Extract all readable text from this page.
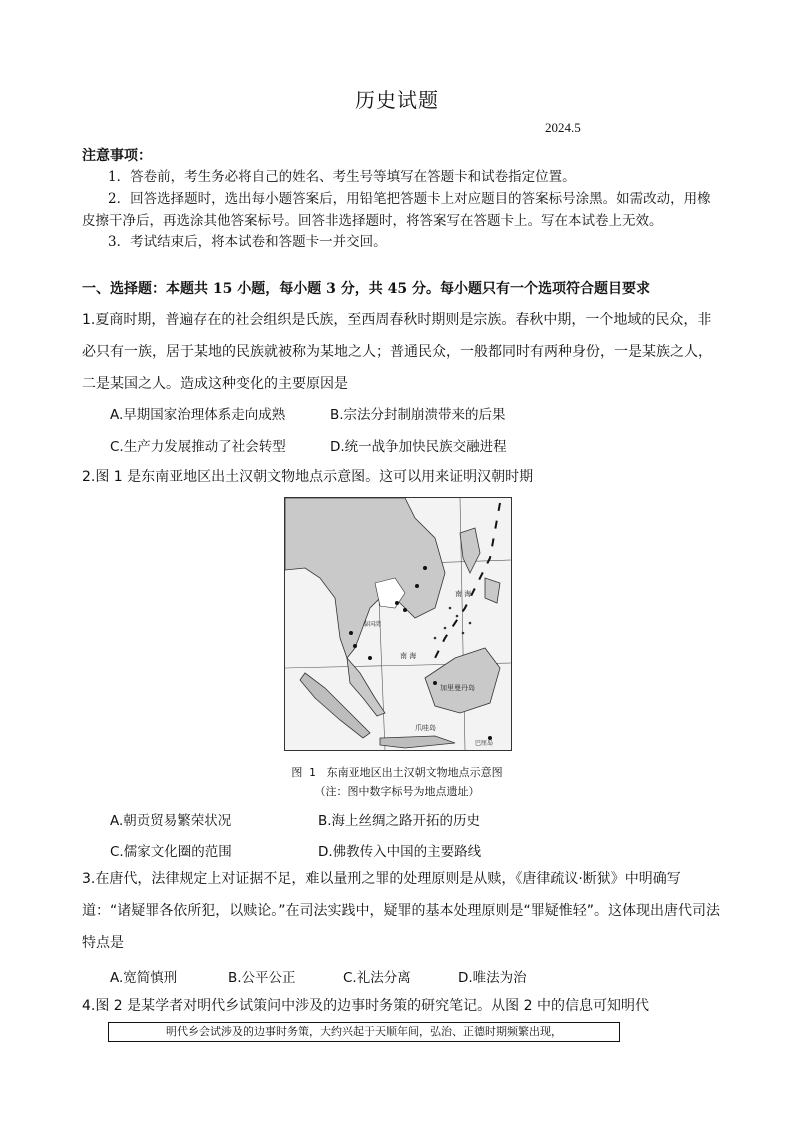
历史试题
2024.5
注意事项：
1．答卷前，考生务必将自己的姓名、考生号等填写在答题卡和试卷指定位置。
2．回答选择题时，选出每小题答案后，用铅笔把答题卡上对应题目的答案标号涂黑。如需改动，用橡皮擦干净后，再选涂其他答案标号。回答非选择题时，将答案写在答题卡上。写在本试卷上无效。
3．考试结束后，将本试卷和答题卡一并交回。
一、选择题：本题共 15 小题，每小题 3 分，共 45 分。每小题只有一个选项符合题目要求
1.夏商时期，普遍存在的社会组织是氏族，至西周春秋时期则是宗族。春秋中期，一个地域的民众，非必只有一族，居于某地的民族就被称为某地之人；普通民众，一般都同时有两种身份，一是某族之人，二是某国之人。造成这种变化的主要原因是
A.早期国家治理体系走向成熟	B.宗法分封制崩溃带来的后果
C.生产力发展推动了社会转型	D.统一战争加快民族交融进程
2.图 1 是东南亚地区出土汉朝文物地点示意图。这可以用来证明汉朝时期
南 海
泰国湾
南 海
加里曼丹岛
爪哇岛
巴厘岛
图 1　东南亚地区出土汉朝文物地点示意图
（注：图中数字标号为地点遗址）
A.朝贡贸易繁荣状况	B.海上丝绸之路开拓的历史
C.儒家文化圈的范围	D.佛教传入中国的主要路线
3.在唐代，法律规定上对证据不足，难以量刑之罪的处理原则是从赎，《唐律疏议·断狱》中明确写道：“诸疑罪各依所犯，以赎论。”在司法实践中，疑罪的基本处理原则是“罪疑惟轻”。这体现出唐代司法特点是
A.宽简慎刑	B.公平公正	C.礼法分离	D.唯法为治
4.图 2 是某学者对明代乡试策问中涉及的边事时务策的研究笔记。从图 2 中的信息可知明代
明代乡会试涉及的边事时务策，大约兴起于天顺年间，弘治、正德时期频繁出现，
